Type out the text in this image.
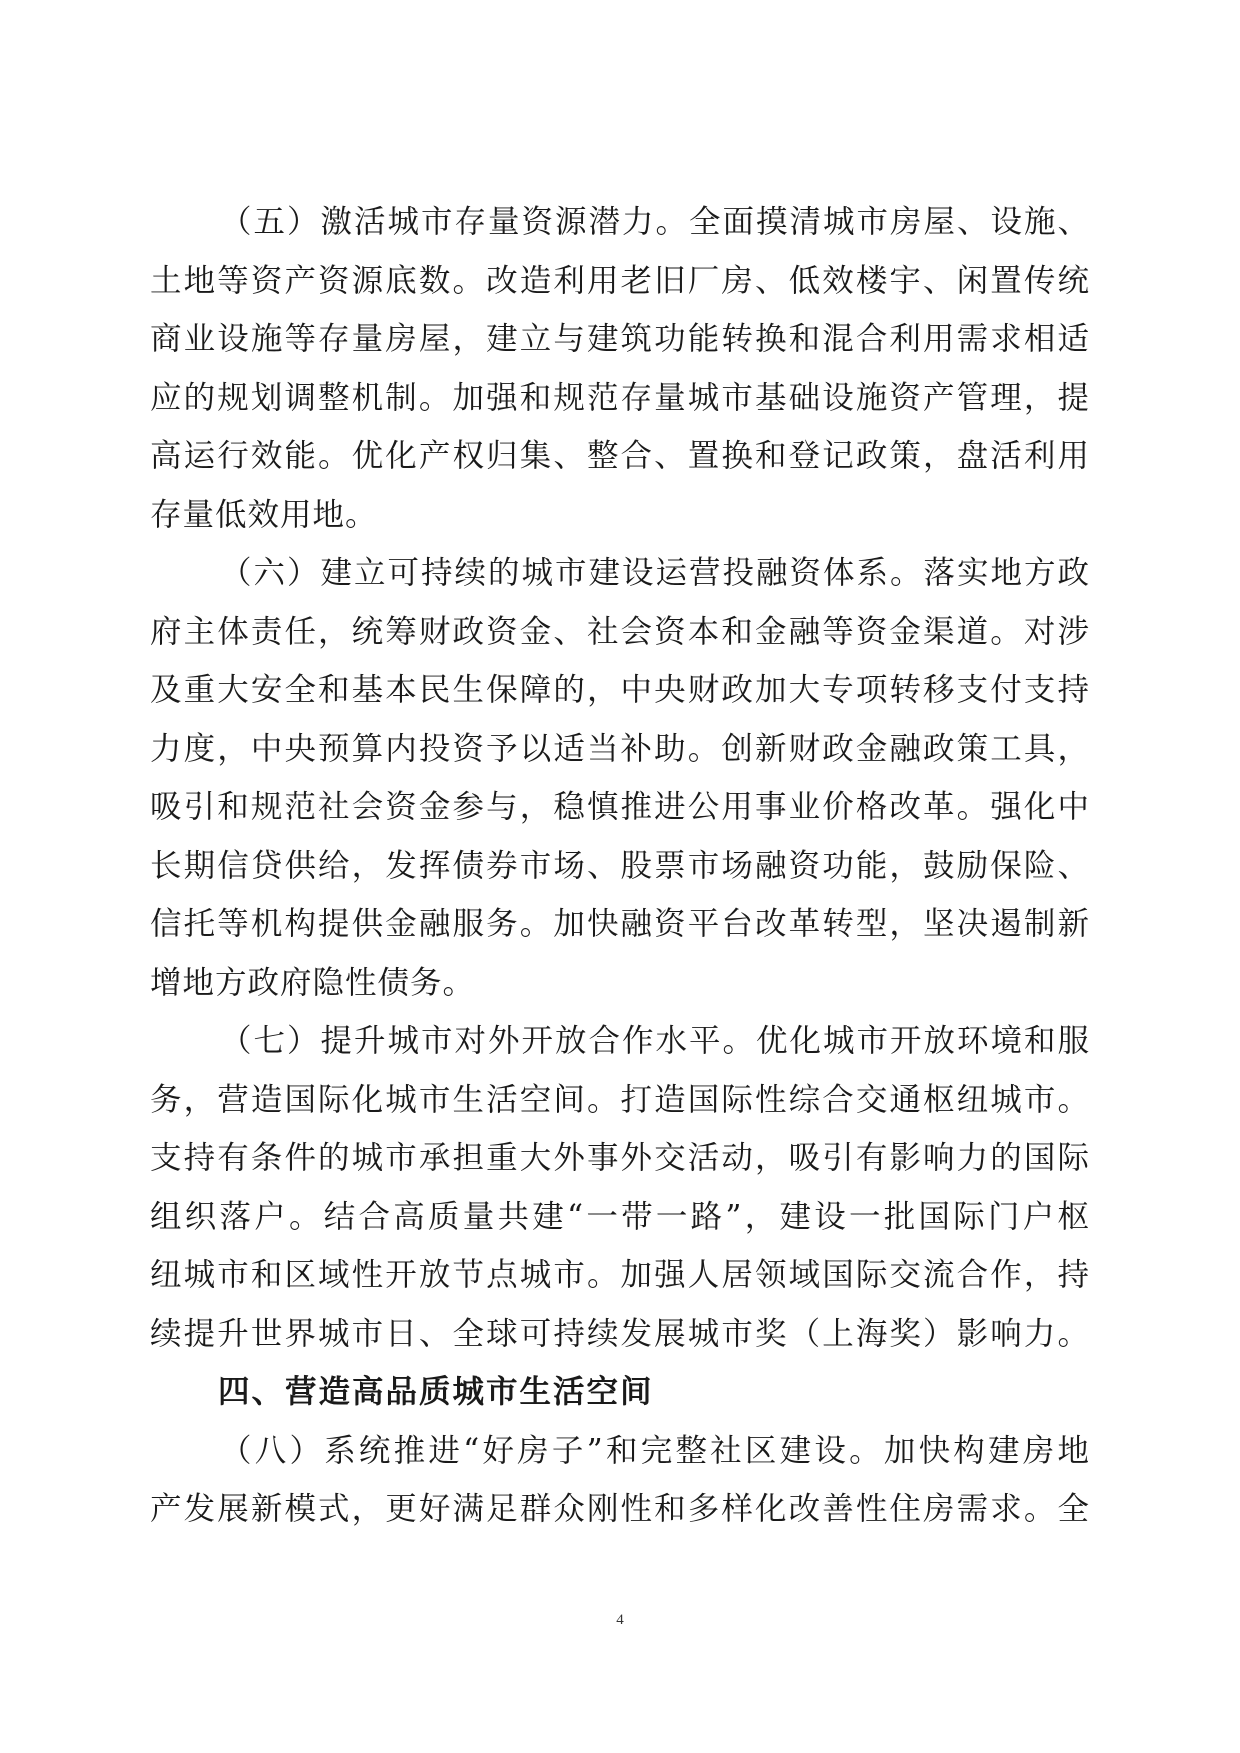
（五）激活城市存量资源潜力。全面摸清城市房屋、设施、
土地等资产资源底数。改造利用老旧厂房、低效楼宇、闲置传统
商业设施等存量房屋，建立与建筑功能转换和混合利用需求相适
应的规划调整机制。加强和规范存量城市基础设施资产管理，提
高运行效能。优化产权归集、整合、置换和登记政策，盘活利用
存量低效用地。
（六）建立可持续的城市建设运营投融资体系。落实地方政
府主体责任，统筹财政资金、社会资本和金融等资金渠道。对涉
及重大安全和基本民生保障的，中央财政加大专项转移支付支持
力度，中央预算内投资予以适当补助。创新财政金融政策工具，
吸引和规范社会资金参与，稳慎推进公用事业价格改革。强化中
长期信贷供给，发挥债券市场、股票市场融资功能，鼓励保险、
信托等机构提供金融服务。加快融资平台改革转型，坚决遏制新
增地方政府隐性债务。
（七）提升城市对外开放合作水平。优化城市开放环境和服
务，营造国际化城市生活空间。打造国际性综合交通枢纽城市。
支持有条件的城市承担重大外事外交活动，吸引有影响力的国际
组织落户。结合高质量共建“一带一路”，建设一批国际门户枢
纽城市和区域性开放节点城市。加强人居领域国际交流合作，持
续提升世界城市日、全球可持续发展城市奖（上海奖）影响力。
四、营造高品质城市生活空间
（八）系统推进“好房子”和完整社区建设。加快构建房地
产发展新模式，更好满足群众刚性和多样化改善性住房需求。全
4
